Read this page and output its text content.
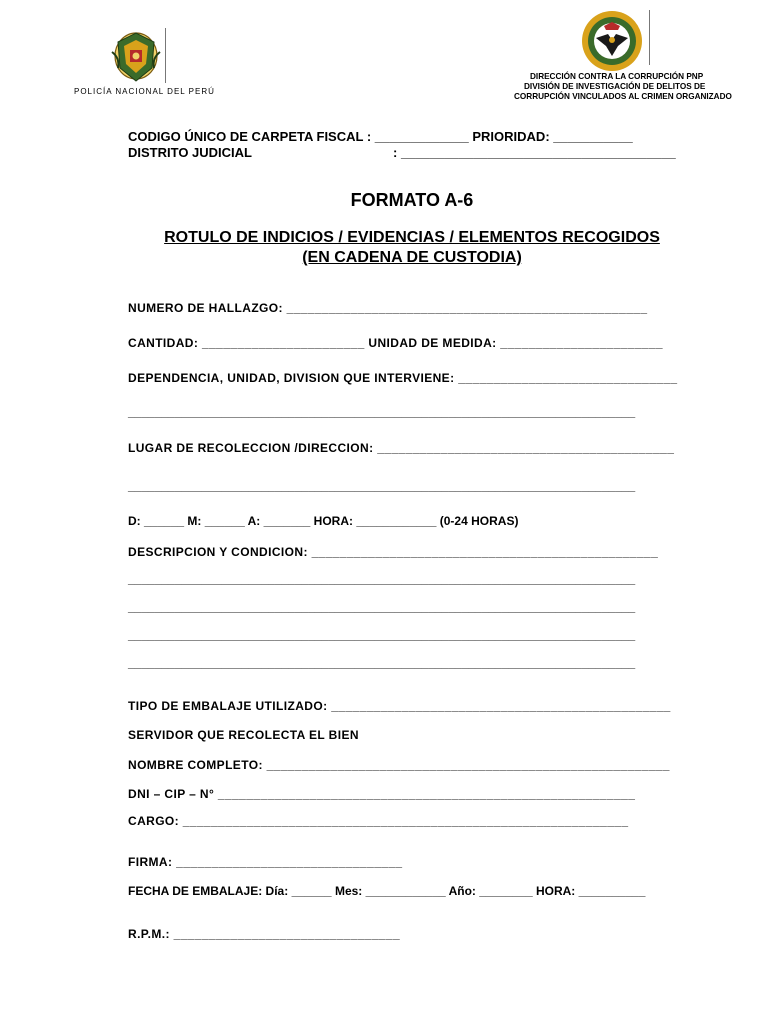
POLICÍA NACIONAL DEL PERÚ
DIRECCIÓN CONTRA LA CORRUPCIÓN PNP
DIVISIÓN DE INVESTIGACIÓN DE DELITOS DE
CORRUPCIÓN VINCULADOS AL CRIMEN ORGANIZADO
CODIGO ÚNICO DE CARPETA FISCAL : _____________ PRIORIDAD: ___________
DISTRITO JUDICIAL	: ______________________________________
FORMATO A-6
ROTULO DE INDICIOS / EVIDENCIAS / ELEMENTOS RECOGIDOS
(EN CADENA DE CUSTODIA)
NUMERO DE HALLAZGO: ___________________________________________________
CANTIDAD: _______________________ UNIDAD DE MEDIDA: _______________________
DEPENDENCIA, UNIDAD, DIVISION QUE INTERVIENE: _______________________________
____________________________________________________________________________
LUGAR DE RECOLECCION /DIRECCION: __________________________________________
____________________________________________________________________________
D: ______ M: ______ A: _______ HORA: ____________ (0-24 HORAS)
DESCRIPCION Y CONDICION: _________________________________________________
____________________________________________________________________________
____________________________________________________________________________
____________________________________________________________________________
____________________________________________________________________________
TIPO DE EMBALAJE UTILIZADO: ________________________________________________
SERVIDOR QUE RECOLECTA EL BIEN
NOMBRE COMPLETO: _________________________________________________________
DNI – CIP – N° ___________________________________________________________
CARGO: _______________________________________________________________
FIRMA: ________________________________
FECHA DE EMBALAJE: Día: ______ Mes: ____________ Año: ________ HORA: __________
R.P.M.: ________________________________
